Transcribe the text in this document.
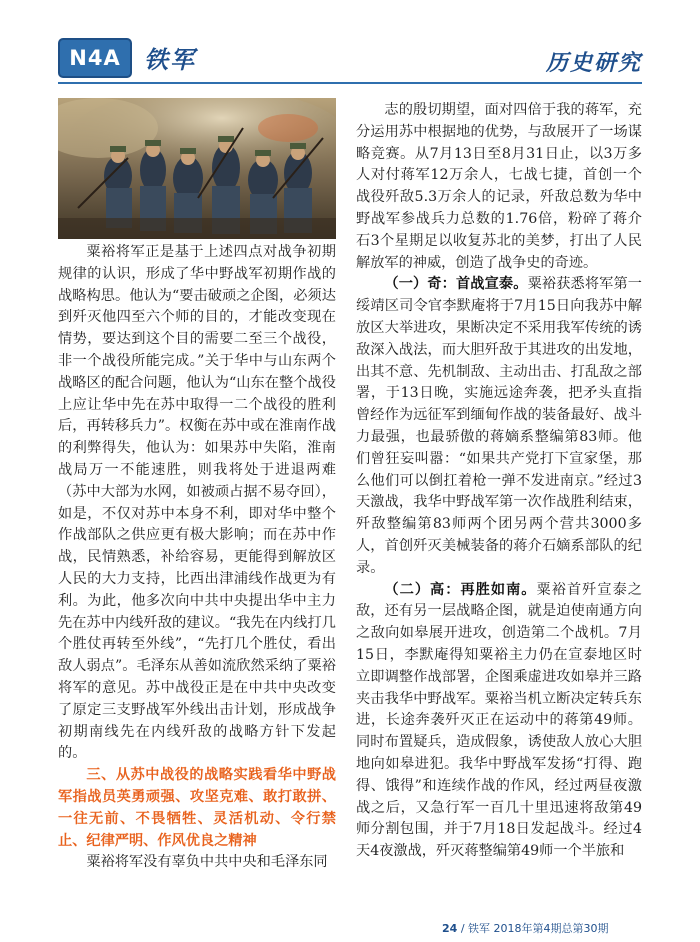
N4A 铁军	历史研究

粟裕将军正是基于上述四点对战争初期规律的认识，形成了华中野战军初期作战的战略构思。他认为“要击破顽之企图，必须达到歼灭他四至六个师的目的，才能改变现在情势，要达到这个目的需要二至三个战役，非一个战役所能完成。”关于华中与山东两个战略区的配合问题，他认为“山东在整个战役上应让华中先在苏中取得一二个战役的胜利后，再转移兵力”。权衡在苏中或在淮南作战的利弊得失，他认为：如果苏中失陷，淮南战局万一不能速胜，则我将处于进退两难（苏中大部为水网，如被顽占据不易夺回），如是，不仅对苏中本身不利，即对华中整个作战部队之供应更有极大影响；而在苏中作战，民情熟悉，补给容易，更能得到解放区人民的大力支持，比西出津浦线作战更为有利。为此，他多次向中共中央提出华中主力先在苏中内线歼敌的建议。“我先在内线打几个胜仗再转至外线”，“先打几个胜仗，看出敌人弱点”。毛泽东从善如流欣然采纳了粟裕将军的意见。苏中战役正是在中共中央改变了原定三支野战军外线出击计划，形成战争初期南线先在内线歼敌的战略方针下发起的。

三、从苏中战役的战略实践看华中野战军指战员英勇顽强、攻坚克难、敢打敢拼、一往无前、不畏牺牲、灵活机动、令行禁止、纪律严明、作风优良之精神

粟裕将军没有辜负中共中央和毛泽东同

志的殷切期望，面对四倍于我的蒋军，充分运用苏中根据地的优势，与敌展开了一场谋略竞赛。从7月13日至8月31日止，以3万多人对付蒋军12万余人，七战七捷，首创一个战役歼敌5.3万余人的记录，歼敌总数为华中野战军参战兵力总数的1.76倍，粉碎了蒋介石3个星期足以收复苏北的美梦，打出了人民解放军的神威，创造了战争史的奇迹。

（一）奇：首战宣泰。粟裕获悉将军第一绥靖区司令官李默庵将于7月15日向我苏中解放区大举进攻，果断决定不采用我军传统的诱敌深入战法，而大胆歼敌于其进攻的出发地，出其不意、先机制敌、主动出击、打乱敌之部署，于13日晚，实施远途奔袭，把矛头直指曾经作为远征军到缅甸作战的装备最好、战斗力最强，也最骄傲的蒋嫡系整编第83师。他们曾狂妄叫嚣：“如果共产党打下宣家堡，那么他们可以倒扛着枪一弹不发进南京。”经过3天激战，我华中野战军第一次作战胜利结束，歼敌整编第83师两个团另两个营共3000多人，首创歼灭美械装备的蒋介石嫡系部队的纪录。

（二）高：再胜如南。粟裕首歼宣泰之敌，还有另一层战略企图，就是迫使南通方向之敌向如皋展开进攻，创造第二个战机。7月15日，李默庵得知粟裕主力仍在宣泰地区时立即调整作战部署，企图乘虚进攻如皋并三路夹击我华中野战军。粟裕当机立断决定转兵东进，长途奔袭歼灭正在运动中的蒋第49师。同时布置疑兵，造成假象，诱使敌人放心大胆地向如皋进犯。我华中野战军发扬“打得、跑得、饿得”和连续作战的作风，经过两昼夜激战之后，又急行军一百几十里迅速将敌第49师分割包围，并于7月18日发起战斗。经过4天4夜激战，歼灭蒋整编第49师一个半旅和

24 / 铁军 2018年第4期总第30期
